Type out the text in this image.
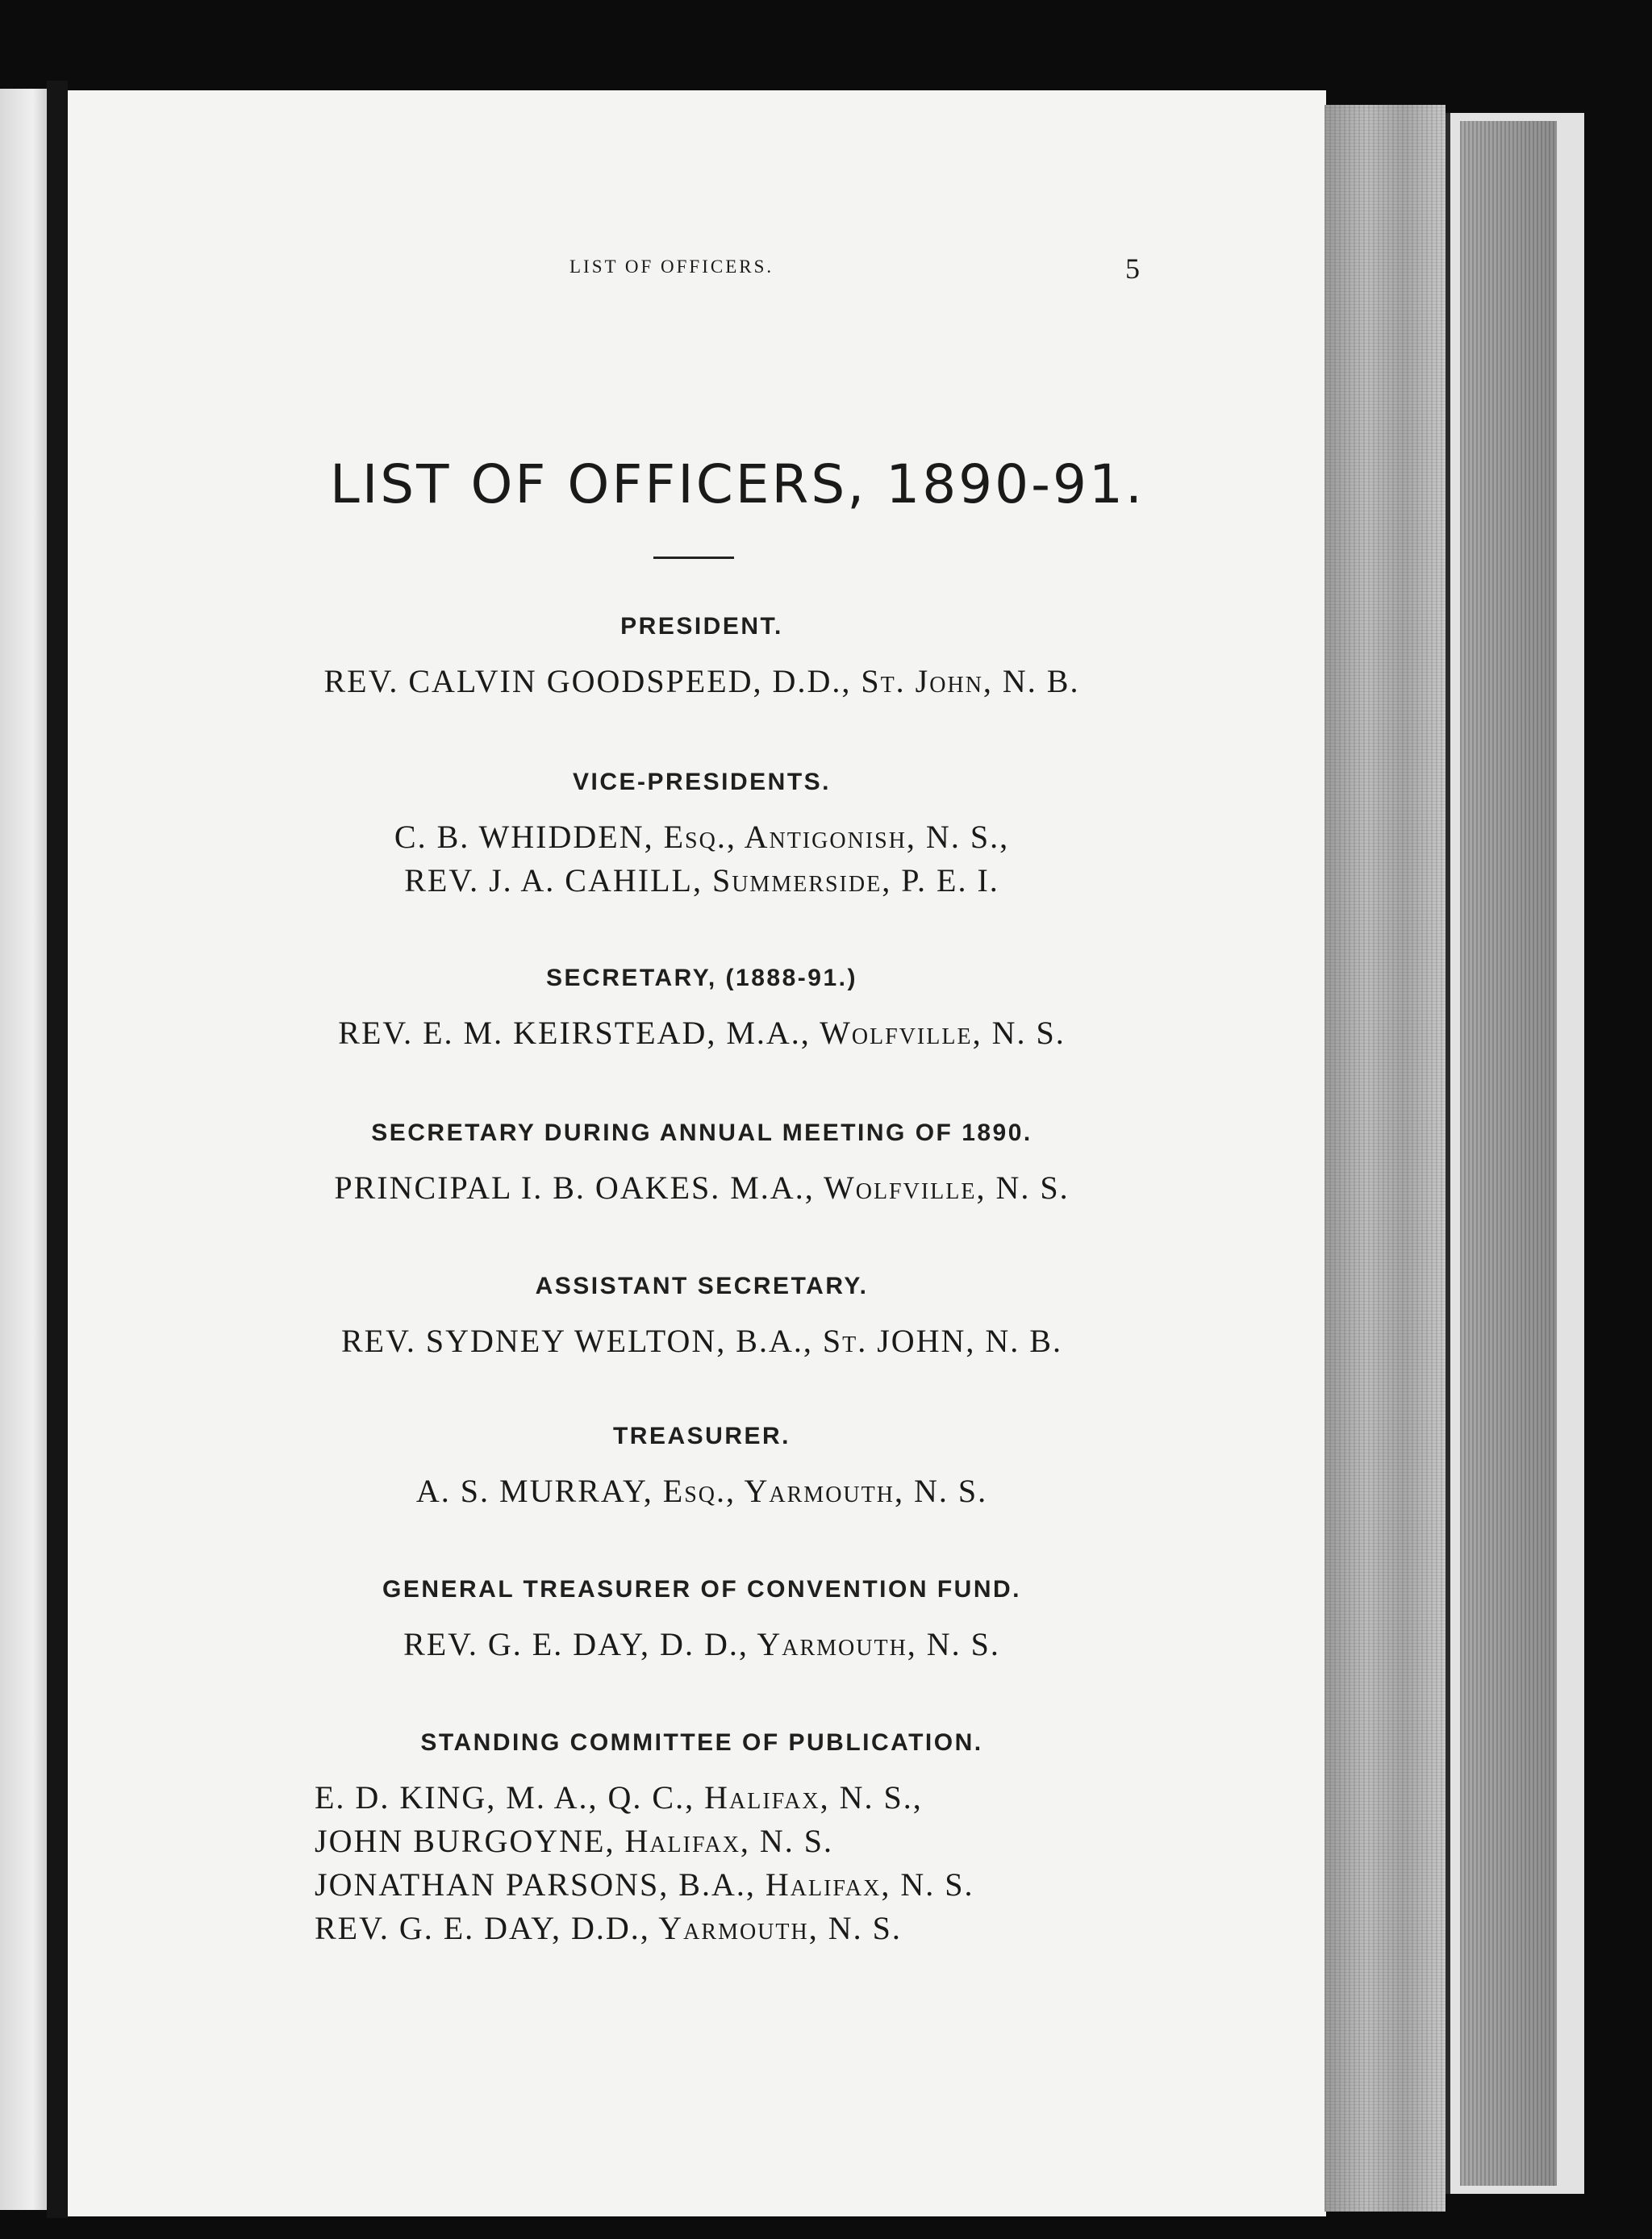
LIST OF OFFICERS.	5
LIST OF OFFICERS, 1890-91.

PRESIDENT.

REV. CALVIN GOODSPEED, D.D., St. John, N. B.

VICE-PRESIDENTS.

C. B. WHIDDEN, Esq., Antigonish, N. S.,

REV. J. A. CAHILL, Summerside, P. E. I.

SECRETARY, (1888-91.)

REV. E. M. KEIRSTEAD, M.A., Wolfville, N. S.

SECRETARY DURING ANNUAL MEETING OF 1890.

PRINCIPAL I. B. OAKES. M.A., Wolfville, N. S.

ASSISTANT SECRETARY.

REV. SYDNEY WELTON, B.A., St. JOHN, N. B.

TREASURER.

A. S. MURRAY, Esq., Yarmouth, N. S.

GENERAL TREASURER OF CONVENTION FUND.

REV. G. E. DAY, D. D., Yarmouth, N. S.

STANDING COMMITTEE OF PUBLICATION.

E. D. KING, M. A., Q. C., Halifax, N. S.,

JOHN BURGOYNE, Halifax, N. S.

JONATHAN PARSONS, B.A., Halifax, N. S.

REV. G. E. DAY, D.D., Yarmouth, N. S.
